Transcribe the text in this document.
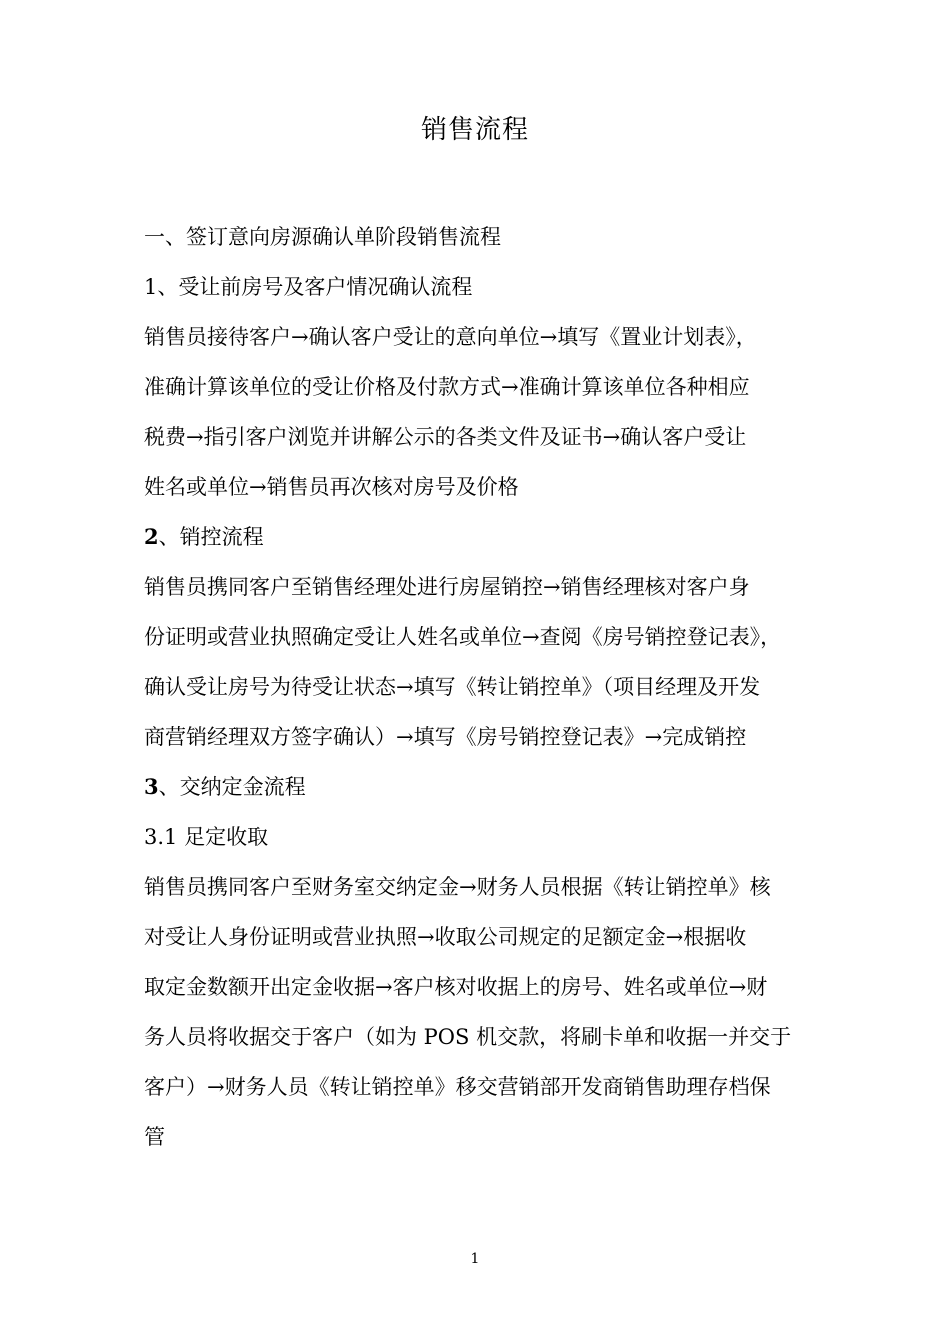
销售流程
一、签订意向房源确认单阶段销售流程
1、受让前房号及客户情况确认流程
销售员接待客户→确认客户受让的意向单位→填写《置业计划表》，
准确计算该单位的受让价格及付款方式→准确计算该单位各种相应
税费→指引客户浏览并讲解公示的各类文件及证书→确认客户受让
姓名或单位→销售员再次核对房号及价格
2、销控流程
销售员携同客户至销售经理处进行房屋销控→销售经理核对客户身
份证明或营业执照确定受让人姓名或单位→查阅《房号销控登记表》，
确认受让房号为待受让状态→填写《转让销控单》（项目经理及开发
商营销经理双方签字确认）→填写《房号销控登记表》→完成销控
3、交纳定金流程
3.1 足定收取
销售员携同客户至财务室交纳定金→财务人员根据《转让销控单》核
对受让人身份证明或营业执照→收取公司规定的足额定金→根据收
取定金数额开出定金收据→客户核对收据上的房号、姓名或单位→财
务人员将收据交于客户（如为 POS 机交款，将刷卡单和收据一并交于
客户）→财务人员《转让销控单》移交营销部开发商销售助理存档保
管
1
